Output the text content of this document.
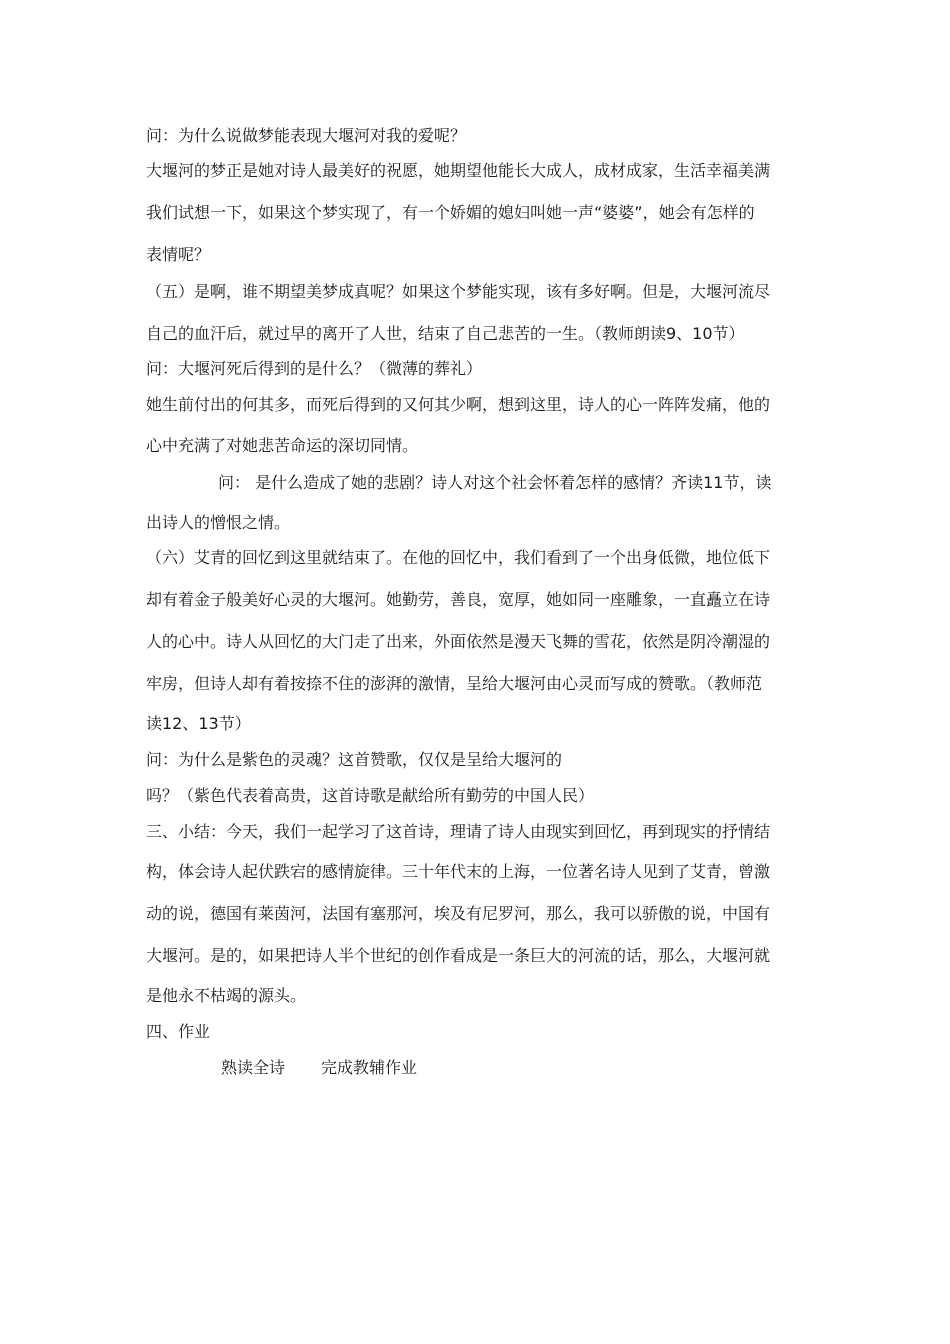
问：为什么说做梦能表现大堰河对我的爱呢？
大堰河的梦正是她对诗人最美好的祝愿，她期望他能长大成人，成材成家，生活幸福美满
我们试想一下，如果这个梦实现了，有一个娇媚的媳妇叫她一声“婆婆”，她会有怎样的
表情呢？
（五）是啊，谁不期望美梦成真呢？如果这个梦能实现，该有多好啊。但是，大堰河流尽
自己的血汗后，就过早的离开了人世，结束了自己悲苦的一生。（教师朗读9、10节）
问：大堰河死后得到的是什么？（微薄的葬礼）
她生前付出的何其多，而死后得到的又何其少啊，想到这里，诗人的心一阵阵发痛，他的
心中充满了对她悲苦命运的深切同情。
问： 是什么造成了她的悲剧？诗人对这个社会怀着怎样的感情？齐读11节，读
出诗人的憎恨之情。
（六）艾青的回忆到这里就结束了。在他的回忆中，我们看到了一个出身低微，地位低下
却有着金子般美好心灵的大堰河。她勤劳，善良，宽厚，她如同一座雕象，一直矗立在诗
人的心中。诗人从回忆的大门走了出来，外面依然是漫天飞舞的雪花，依然是阴冷潮湿的
牢房，但诗人却有着按捺不住的澎湃的激情，呈给大堰河由心灵而写成的赞歌。（教师范
读12、13节）
问：为什么是紫色的灵魂？这首赞歌，仅仅是呈给大堰河的
吗？（紫色代表着高贵，这首诗歌是献给所有勤劳的中国人民）
三、小结：今天，我们一起学习了这首诗，理请了诗人由现实到回忆，再到现实的抒情结
构，体会诗人起伏跌宕的感情旋律。三十年代末的上海，一位著名诗人见到了艾青，曾激
动的说，德国有莱茵河，法国有塞那河，埃及有尼罗河，那么，我可以骄傲的说，中国有
大堰河。是的，如果把诗人半个世纪的创作看成是一条巨大的河流的话，那么，大堰河就
是他永不枯竭的源头。
四、作业
熟读全诗 完成教辅作业
